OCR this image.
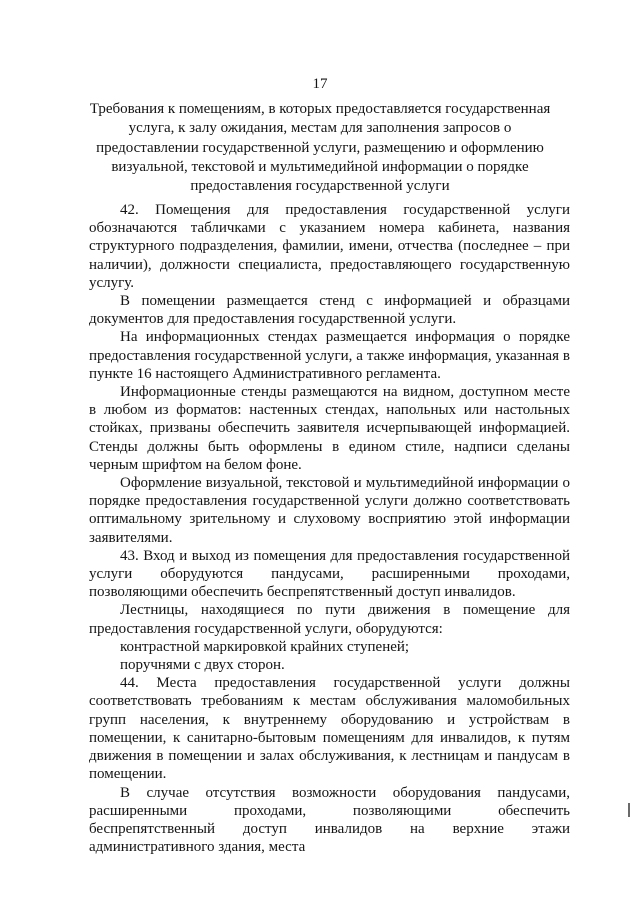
17
Требования к помещениям, в которых предоставляется государственная услуга, к залу ожидания, местам для заполнения запросов о предоставлении государственной услуги, размещению и оформлению визуальной, текстовой и мультимедийной информации о порядке предоставления государственной услуги

42. Помещения для предоставления государственной услуги обозначаются табличками с указанием номера кабинета, названия структурного подразделения, фамилии, имени, отчества (последнее – при наличии), должности специалиста, предоставляющего государственную услугу.

В помещении размещается стенд с информацией и образцами документов для предоставления государственной услуги.

На информационных стендах размещается информация о порядке предоставления государственной услуги, а также информация, указанная в пункте 16 настоящего Административного регламента.

Информационные стенды размещаются на видном, доступном месте в любом из форматов: настенных стендах, напольных или настольных стойках, призваны обеспечить заявителя исчерпывающей информацией. Стенды должны быть оформлены в едином стиле, надписи сделаны черным шрифтом на белом фоне.

Оформление визуальной, текстовой и мультимедийной информации о порядке предоставления государственной услуги должно соответствовать оптимальному зрительному и слуховому восприятию этой информации заявителями.

43. Вход и выход из помещения для предоставления государственной услуги оборудуются пандусами, расширенными проходами, позволяющими обеспечить беспрепятственный доступ инвалидов.

Лестницы, находящиеся по пути движения в помещение для предоставления государственной услуги, оборудуются:

контрастной маркировкой крайних ступеней;

поручнями с двух сторон.

44. Места предоставления государственной услуги должны соответствовать требованиям к местам обслуживания маломобильных групп населения, к внутреннему оборудованию и устройствам в помещении, к санитарно-бытовым помещениям для инвалидов, к путям движения в помещении и залах обслуживания, к лестницам и пандусам в помещении.

В случае отсутствия возможности оборудования пандусами, расширенными проходами, позволяющими обеспечить беспрепятственный доступ инвалидов на верхние этажи административного здания, места
